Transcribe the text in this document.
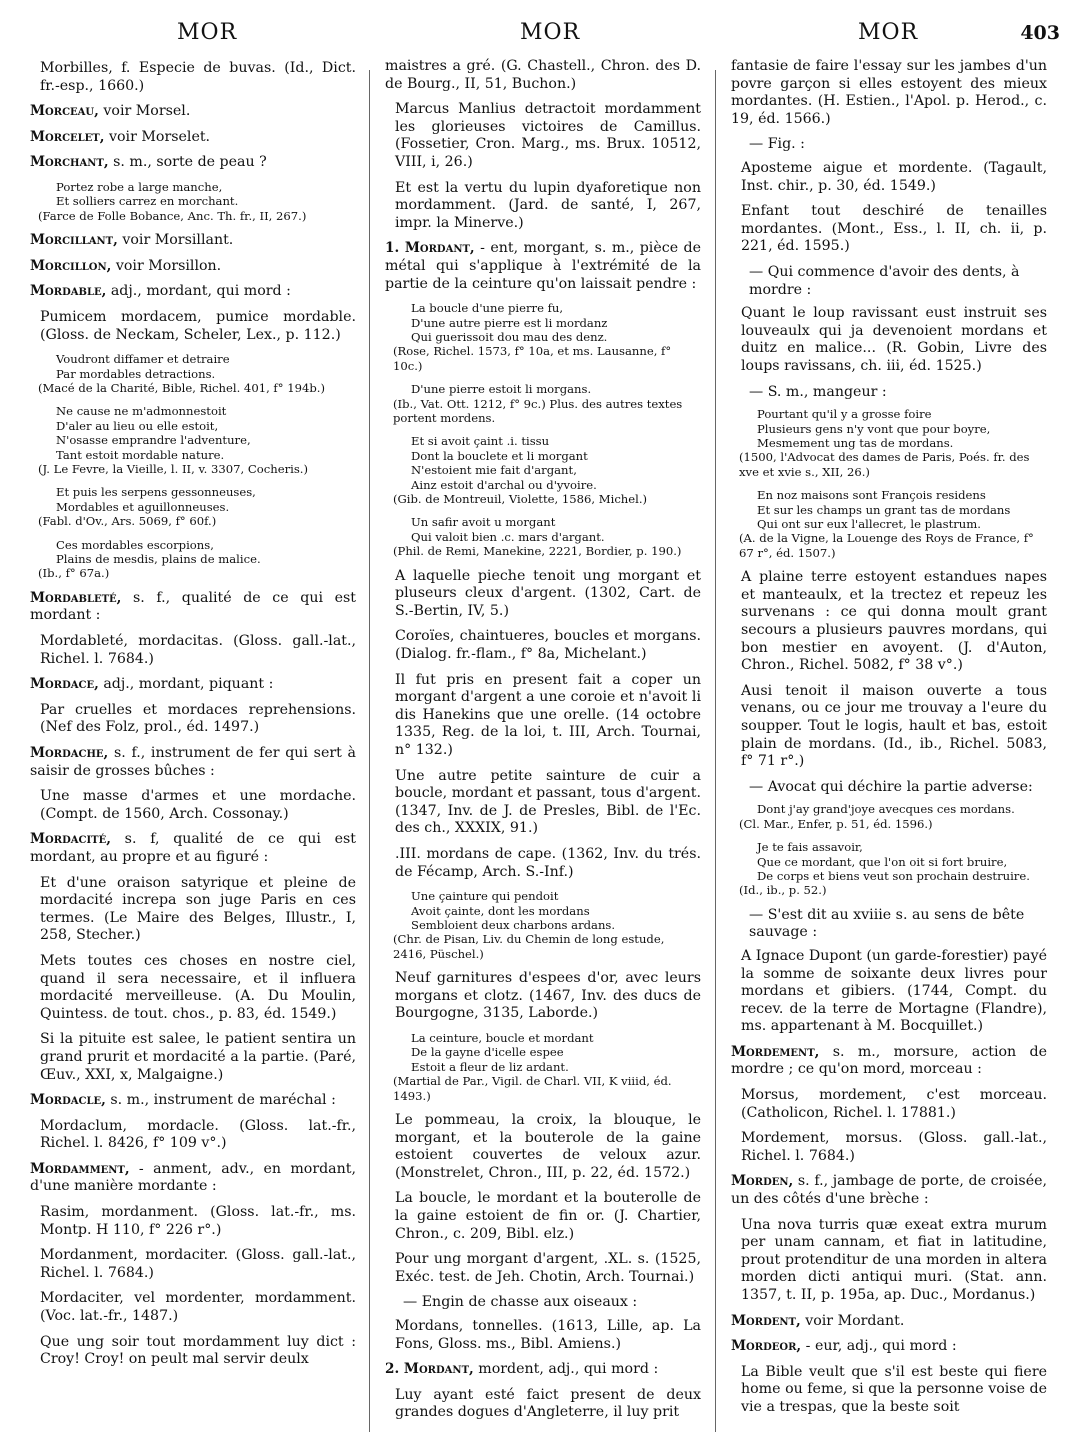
MOR	MOR	MOR	403

Morbilles, f. Especie de buvas. (Id., Dict. fr.-esp., 1660.)

Morceau, voir Morsel.

Morcelet, voir Morselet.

Morchant, s. m., sorte de peau ?

Portez robe a large manche,
Et solliers carrez en morchant.
(Farce de Folle Bobance, Anc. Th. fr., II, 267.)

Morcillant, voir Morsillant.

Morcillon, voir Morsillon.

Mordable, adj., mordant, qui mord :

Pumicem mordacem, pumice mordable. (Gloss. de Neckam, Scheler, Lex., p. 112.)

Voudront diffamer et detraire
Par mordables detractions.
(Macé de la Charité, Bible, Richel. 401, f° 194b.)
Ne cause ne m'admonnestoit
D'aler au lieu ou elle estoit,
N'osasse emprandre l'adventure,
Tant estoit mordable nature.
(J. Le Fevre, la Vieille, l. II, v. 3307, Cocheris.)
Et puis les serpens gessonneuses,
Mordables et aguillonneuses.
(Fabl. d'Ov., Ars. 5069, f° 60f.)
Ces mordables escorpions,
Plains de mesdis, plains de malice.
(Ib., f° 67a.)

Mordableté, s. f., qualité de ce qui est mordant :

Mordableté, mordacitas. (Gloss. gall.-lat., Richel. l. 7684.)

Mordace, adj., mordant, piquant :

Par cruelles et mordaces reprehensions. (Nef des Folz, prol., éd. 1497.)

Mordache, s. f., instrument de fer qui sert à saisir de grosses bûches :

Une masse d'armes et une mordache. (Compt. de 1560, Arch. Cossonay.)

Mordacité, s. f, qualité de ce qui est mordant, au propre et au figuré :

Et d'une oraison satyrique et pleine de mordacité increpa son juge Paris en ces termes. (Le Maire des Belges, Illustr., I, 258, Stecher.)

Mets toutes ces choses en nostre ciel, quand il sera necessaire, et il influera mordacité merveilleuse. (A. Du Moulin, Quintess. de tout. chos., p. 83, éd. 1549.)

Si la pituite est salee, le patient sentira un grand prurit et mordacité a la partie. (Paré, Œuv., XXI, x, Malgaigne.)

Mordacle, s. m., instrument de maréchal :

Mordaclum, mordacle. (Gloss. lat.-fr., Richel. l. 8426, f° 109 v°.)

Mordamment, - anment, adv., en mordant, d'une manière mordante :

Rasim, mordanment. (Gloss. lat.-fr., ms. Montp. H 110, f° 226 r°.)

Mordanment, mordaciter. (Gloss. gall.-lat., Richel. l. 7684.)

Mordaciter, vel mordenter, mordamment. (Voc. lat.-fr., 1487.)

Que ung soir tout mordamment luy dict : Croy! Croy! on peult mal servir deulx

maistres a gré. (G. Chastell., Chron. des D. de Bourg., II, 51, Buchon.)

Marcus Manlius detractoit mordamment les glorieuses victoires de Camillus. (Fossetier, Cron. Marg., ms. Brux. 10512, VIII, i, 26.)

Et est la vertu du lupin dyaforetique non mordamment. (Jard. de santé, I, 267, impr. la Minerve.)

1. Mordant, - ent, morgant, s. m., pièce de métal qui s'applique à l'extrémité de la partie de la ceinture qu'on laissait pendre :

La boucle d'une pierre fu,
D'une autre pierre est li mordanz
Qui guerissoit dou mau des denz.
(Rose, Richel. 1573, f° 10a, et ms. Lausanne, f° 10c.)
D'une pierre estoit li morgans.
(Ib., Vat. Ott. 1212, f° 9c.) Plus. des autres textes portent mordens.
Et si avoit çaint .i. tissu
Dont la bouclete et li morgant
N'estoient mie fait d'argant,
Ainz estoit d'archal ou d'yvoire.
(Gib. de Montreuil, Violette, 1586, Michel.)
Un safir avoit u morgant
Qui valoit bien .c. mars d'argant.
(Phil. de Remi, Manekine, 2221, Bordier, p. 190.)

A laquelle pieche tenoit ung morgant et pluseurs cleux d'argent. (1302, Cart. de S.-Bertin, IV, 5.)

Coroïes, chaintueres, boucles et morgans. (Dialog. fr.-flam., f° 8a, Michelant.)

Il fut pris en present fait a coper un morgant d'argent a une coroie et n'avoit li dis Hanekins que une orelle. (14 octobre 1335, Reg. de la loi, t. III, Arch. Tournai, n° 132.)

Une autre petite sainture de cuir a boucle, mordant et passant, tous d'argent. (1347, Inv. de J. de Presles, Bibl. de l'Ec. des ch., XXXIX, 91.)

.III. mordans de cape. (1362, Inv. du trés. de Fécamp, Arch. S.-Inf.)

Une çainture qui pendoit
Avoit çainte, dont les mordans
Sembloient deux charbons ardans.
(Chr. de Pisan, Liv. du Chemin de long estude, 2416, Püschel.)

Neuf garnitures d'espees d'or, avec leurs morgans et clotz. (1467, Inv. des ducs de Bourgogne, 3135, Laborde.)

La ceinture, boucle et mordant
De la gayne d'icelle espee
Estoit a fleur de liz ardant.
(Martial de Par., Vigil. de Charl. VII, K viiid, éd. 1493.)

Le pommeau, la croix, la blouque, le morgant, et la bouterole de la gaine estoient couvertes de veloux azur. (Monstrelet, Chron., III, p. 22, éd. 1572.)

La boucle, le mordant et la bouterolle de la gaine estoient de fin or. (J. Chartier, Chron., c. 209, Bibl. elz.)

Pour ung morgant d'argent, .XL. s. (1525, Exéc. test. de Jeh. Chotin, Arch. Tournai.)

— Engin de chasse aux oiseaux :

Mordans, tonnelles. (1613, Lille, ap. La Fons, Gloss. ms., Bibl. Amiens.)

2. Mordant, mordent, adj., qui mord :

Luy ayant esté faict present de deux grandes dogues d'Angleterre, il luy prit

fantasie de faire l'essay sur les jambes d'un povre garçon si elles estoyent des mieux mordantes. (H. Estien., l'Apol. p. Herod., c. 19, éd. 1566.)

— Fig. :

Aposteme aigue et mordente. (Tagault, Inst. chir., p. 30, éd. 1549.)

Enfant tout deschiré de tenailles mordantes. (Mont., Ess., l. II, ch. ii, p. 221, éd. 1595.)

— Qui commence d'avoir des dents, à mordre :

Quant le loup ravissant eust instruit ses louveaulx qui ja devenoient mordans et duitz en malice... (R. Gobin, Livre des loups ravissans, ch. iii, éd. 1525.)

— S. m., mangeur :

Pourtant qu'il y a grosse foire
Plusieurs gens n'y vont que pour boyre,
Mesmement ung tas de mordans.
(1500, l'Advocat des dames de Paris, Poés. fr. des xve et xvie s., XII, 26.)
En noz maisons sont François residens
Et sur les champs un grant tas de mordans
Qui ont sur eux l'allecret, le plastrum.
(A. de la Vigne, la Louenge des Roys de France, f° 67 r°, éd. 1507.)

A plaine terre estoyent estandues napes et manteaulx, et la trectez et repeuz les survenans : ce qui donna moult grant secours a plusieurs pauvres mordans, qui bon mestier en avoyent. (J. d'Auton, Chron., Richel. 5082, f° 38 v°.)

Ausi tenoit il maison ouverte a tous venans, ou ce jour me trouvay a l'eure du soupper. Tout le logis, hault et bas, estoit plain de mordans. (Id., ib., Richel. 5083, f° 71 r°.)

— Avocat qui déchire la partie adverse:

Dont j'ay grand'joye avecques ces mordans.
(Cl. Mar., Enfer, p. 51, éd. 1596.)
Je te fais assavoir,
Que ce mordant, que l'on oit si fort bruire,
De corps et biens veut son prochain destruire.
(Id., ib., p. 52.)

— S'est dit au xviiie s. au sens de bête sauvage :

A Ignace Dupont (un garde-forestier) payé la somme de soixante deux livres pour mordans et gibiers. (1744, Compt. du recev. de la terre de Mortagne (Flandre), ms. appartenant à M. Bocquillet.)

Mordement, s. m., morsure, action de mordre ; ce qu'on mord, morceau :

Morsus, mordement, c'est morceau. (Catholicon, Richel. l. 17881.)

Mordement, morsus. (Gloss. gall.-lat., Richel. l. 7684.)

Morden, s. f., jambage de porte, de croisée, un des côtés d'une brèche :

Una nova turris quæ exeat extra murum per unam cannam, et fiat in latitudine, prout protenditur de una morden in altera morden dicti antiqui muri. (Stat. ann. 1357, t. II, p. 195a, ap. Duc., Mordanus.)

Mordent, voir Mordant.

Mordeor, - eur, adj., qui mord :

La Bible veult que s'il est beste qui fiere home ou feme, si que la personne voise de vie a trespas, que la beste soit
